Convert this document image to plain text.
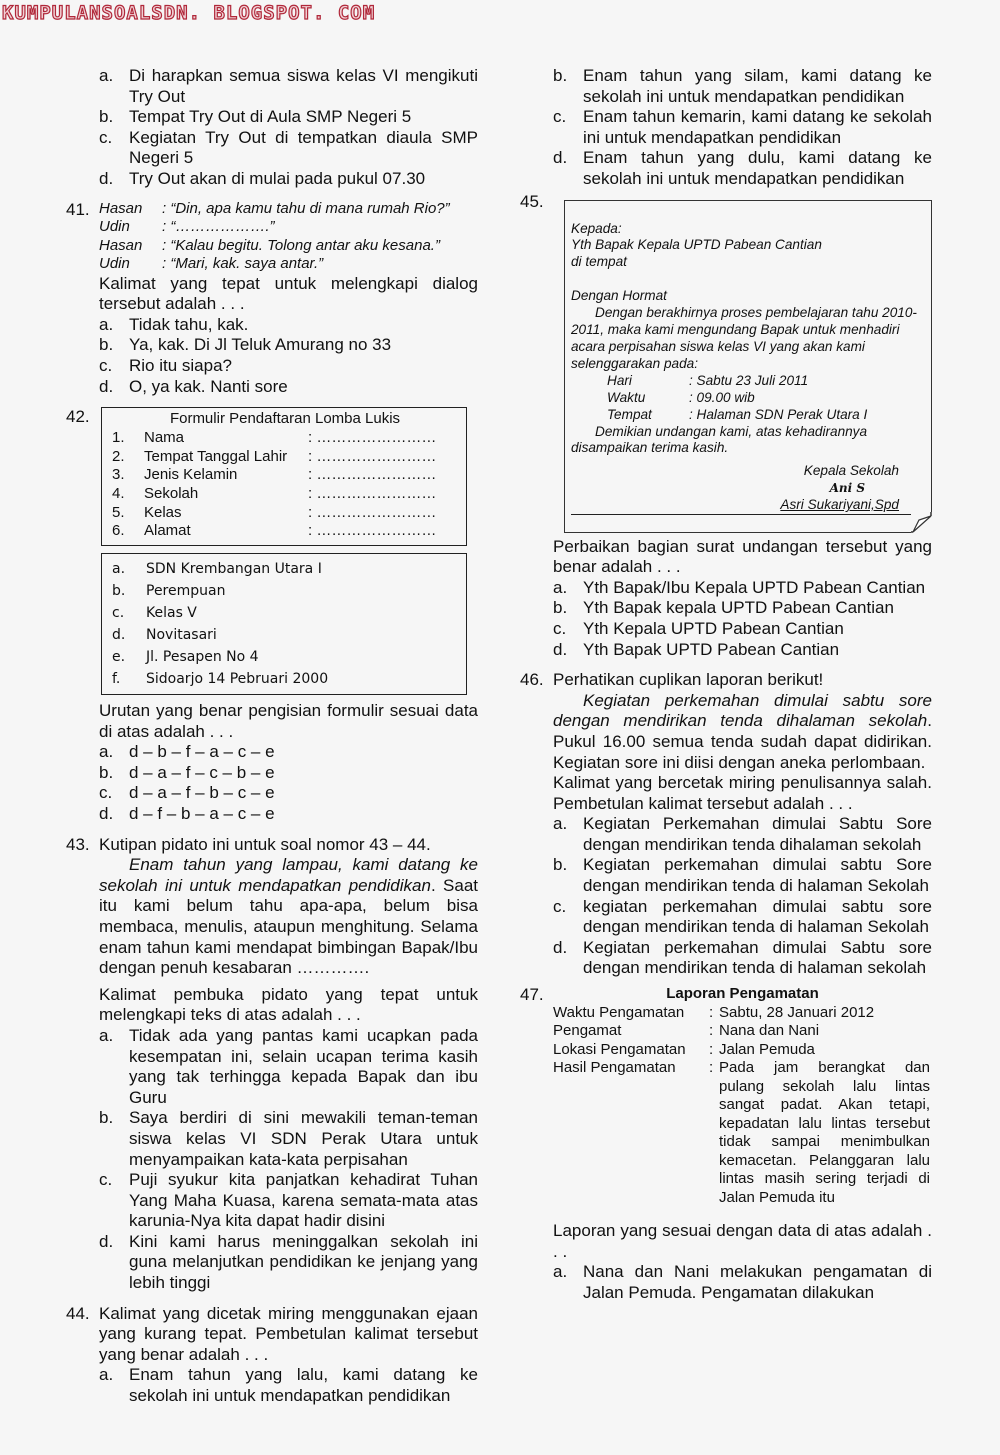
KUMPULANSOALSDN. BLOGSPOT. COM
a. Di harapkan semua siswa kelas VI mengikuti Try Out
b. Tempat Try Out di Aula SMP Negeri 5
c. Kegiatan Try Out di tempatkan diaula SMP Negeri 5
d. Try Out akan di mulai pada pukul 07.30
41. Hasan	: “Din, apa kamu tahu di mana rumah Rio?”
Udin	: “……………….”
Hasan	: “Kalau begitu. Tolong antar aku kesana.”
Udin	: “Mari, kak. saya antar.”
Kalimat yang tepat untuk melengkapi dialog tersebut adalah . . .
a. Tidak tahu, kak.
b. Ya, kak. Di Jl Teluk Amurang no 33
c. Rio itu siapa?
d. O, ya kak. Nanti sore
42.	Formulir Pendaftaran Lomba Lukis
1.	Nama	: ……………………
2.	Tempat Tanggal Lahir	: ……………………
3.	Jenis Kelamin	: ……………………
4.	Sekolah	: ……………………
5.	Kelas	: ……………………
6.	Alamat	: ……………………
a.	SDN Krembangan Utara I
b.	Perempuan
c.	Kelas V
d.	Novitasari
e.	Jl. Pesapen No 4
f.	Sidoarjo 14 Pebruari 2000
Urutan yang benar pengisian formulir sesuai data di atas adalah . . .
a. d – b – f – a – c – e
b. d – a – f – c – b – e
c. d – a – f – b – c – e
d. d – f – b – a – c – e
43. Kutipan pidato ini untuk soal nomor 43 – 44.
Enam tahun yang lampau, kami datang ke sekolah ini untuk mendapatkan pendidikan. Saat itu kami belum tahu apa-apa, belum bisa membaca, menulis, ataupun menghitung. Selama enam tahun kami mendapat bimbingan Bapak/Ibu dengan penuh kesabaran ………….
Kalimat pembuka pidato yang tepat untuk melengkapi teks di atas adalah . . .
a. Tidak ada yang pantas kami ucapkan pada kesempatan ini, selain ucapan terima kasih yang tak terhingga kepada Bapak dan ibu Guru
b. Saya berdiri di sini mewakili teman-teman siswa kelas VI SDN Perak Utara untuk menyampaikan kata-kata perpisahan
c. Puji syukur kita panjatkan kehadirat Tuhan Yang Maha Kuasa, karena semata-mata atas karunia-Nya kita dapat hadir disini
d. Kini kami harus meninggalkan sekolah ini guna melanjutkan pendidikan ke jenjang yang lebih tinggi
44. Kalimat yang dicetak miring menggunakan ejaan yang kurang tepat. Pembetulan kalimat tersebut yang benar adalah . . .
a. Enam tahun yang lalu, kami datang ke sekolah ini untuk mendapatkan pendidikan
b. Enam tahun yang silam, kami datang ke sekolah ini untuk mendapatkan pendidikan
c. Enam tahun kemarin, kami datang ke sekolah ini untuk mendapatkan pendidikan
d. Enam tahun yang dulu, kami datang ke sekolah ini untuk mendapatkan pendidikan
45.
Kepada:
Yth Bapak Kepala UPTD Pabean Cantian
di tempat
Dengan Hormat
Dengan berakhirnya proses pembelajaran tahu 2010-2011, maka kami mengundang Bapak untuk menhadiri acara perpisahan siswa kelas VI yang akan kami selenggarakan pada:
Hari	: Sabtu 23 Juli 2011
Waktu	: 09.00 wib
Tempat	: Halaman SDN Perak Utara I
Demikian undangan kami, atas kehadirannya disampaikan terima kasih.
Kepala Sekolah
Ani S
Asri Sukariyani,Spd
Perbaikan bagian surat undangan tersebut yang benar adalah . . .
a. Yth Bapak/Ibu Kepala UPTD Pabean Cantian
b. Yth Bapak kepala UPTD Pabean Cantian
c. Yth Kepala UPTD Pabean Cantian
d. Yth Bapak UPTD Pabean Cantian
46. Perhatikan cuplikan laporan berikut!
Kegiatan perkemahan dimulai sabtu sore dengan mendirikan tenda dihalaman sekolah. Pukul 16.00 semua tenda sudah dapat didirikan. Kegiatan sore ini diisi dengan aneka perlombaan.
Kalimat yang bercetak miring penulisannya salah. Pembetulan kalimat tersebut adalah . . .
a. Kegiatan Perkemahan dimulai Sabtu Sore dengan mendirikan tenda dihalaman sekolah
b. Kegiatan perkemahan dimulai sabtu Sore dengan mendirikan tenda di halaman Sekolah
c. kegiatan perkemahan dimulai sabtu sore dengan mendirikan tenda di halaman Sekolah
d. Kegiatan perkemahan dimulai Sabtu sore dengan mendirikan tenda di halaman sekolah
47.	Laporan Pengamatan
Waktu Pengamatan	: Sabtu, 28 Januari 2012
Pengamat	: Nana dan Nani
Lokasi Pengamatan	: Jalan Pemuda
Hasil Pengamatan	: Pada jam berangkat dan pulang sekolah lalu lintas sangat padat. Akan tetapi, kepadatan lalu lintas tersebut tidak sampai menimbulkan kemacetan. Pelanggaran lalu lintas masih sering terjadi di Jalan Pemuda itu
Laporan yang sesuai dengan data di atas adalah . . .
a. Nana dan Nani melakukan pengamatan di Jalan Pemuda. Pengamatan dilakukan
